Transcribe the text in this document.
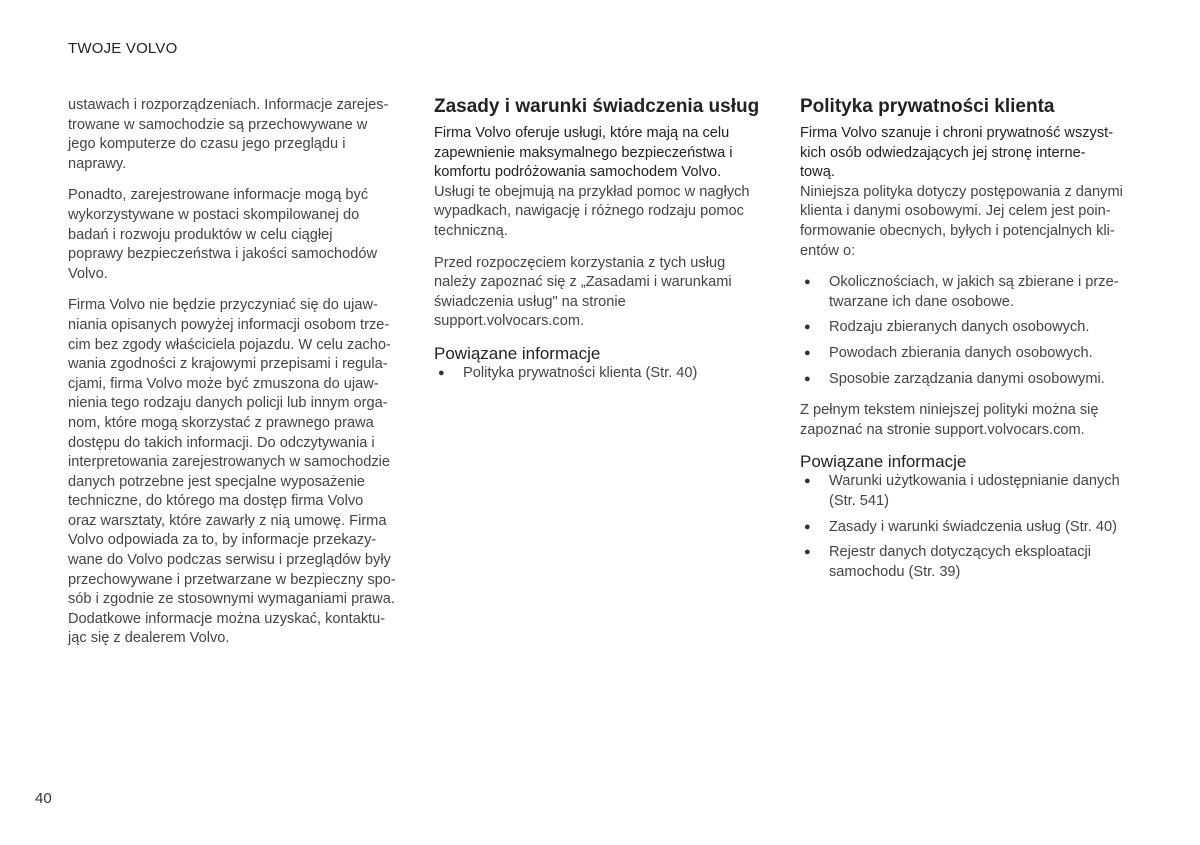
TWOJE VOLVO

ustawach i rozporządzeniach. Informacje zarejes-
trowane w samochodzie są przechowywane w
jego komputerze do czasu jego przeglądu i
naprawy.

Ponadto, zarejestrowane informacje mogą być
wykorzystywane w postaci skompilowanej do
badań i rozwoju produktów w celu ciągłej
poprawy bezpieczeństwa i jakości samochodów
Volvo.

Firma Volvo nie będzie przyczyniać się do ujaw-
niania opisanych powyżej informacji osobom trze-
cim bez zgody właściciela pojazdu. W celu zacho-
wania zgodności z krajowymi przepisami i regula-
cjami, firma Volvo może być zmuszona do ujaw-
nienia tego rodzaju danych policji lub innym orga-
nom, które mogą skorzystać z prawnego prawa
dostępu do takich informacji. Do odczytywania i
interpretowania zarejestrowanych w samochodzie
danych potrzebne jest specjalne wyposażenie
techniczne, do którego ma dostęp firma Volvo
oraz warsztaty, które zawarły z nią umowę. Firma
Volvo odpowiada za to, by informacje przekazy-
wane do Volvo podczas serwisu i przeglądów były
przechowywane i przetwarzane w bezpieczny spo-
sób i zgodnie ze stosownymi wymaganiami prawa.
Dodatkowe informacje można uzyskać, kontaktu-
jąc się z dealerem Volvo.

Zasady i warunki świadczenia usług

Firma Volvo oferuje usługi, które mają na celu
zapewnienie maksymalnego bezpieczeństwa i
komfortu podróżowania samochodem Volvo.

Usługi te obejmują na przykład pomoc w nagłych
wypadkach, nawigację i różnego rodzaju pomoc
techniczną.

Przed rozpoczęciem korzystania z tych usług
należy zapoznać się z „Zasadami i warunkami
świadczenia usług" na stronie
support.volvocars.com.

Powiązane informacje
● Polityka prywatności klienta (Str. 40)
Polityka prywatności klienta

Firma Volvo szanuje i chroni prywatność wszyst-
kich osób odwiedzających jej stronę interne-
tową.

Niniejsza polityka dotyczy postępowania z danymi
klienta i danymi osobowymi. Jej celem jest poin-
formowanie obecnych, byłych i potencjalnych kli-
entów o:

● Okolicznościach, w jakich są zbierane i prze-
twarzane ich dane osobowe.
● Rodzaju zbieranych danych osobowych.
● Powodach zbierania danych osobowych.
● Sposobie zarządzania danymi osobowymi.

Z pełnym tekstem niniejszej polityki można się
zapoznać na stronie support.volvocars.com.

Powiązane informacje
● Warunki użytkowania i udostępnianie danych
(Str. 541)
● Zasady i warunki świadczenia usług (Str. 40)
● Rejestr danych dotyczących eksploatacji
samochodu (Str. 39)
40
